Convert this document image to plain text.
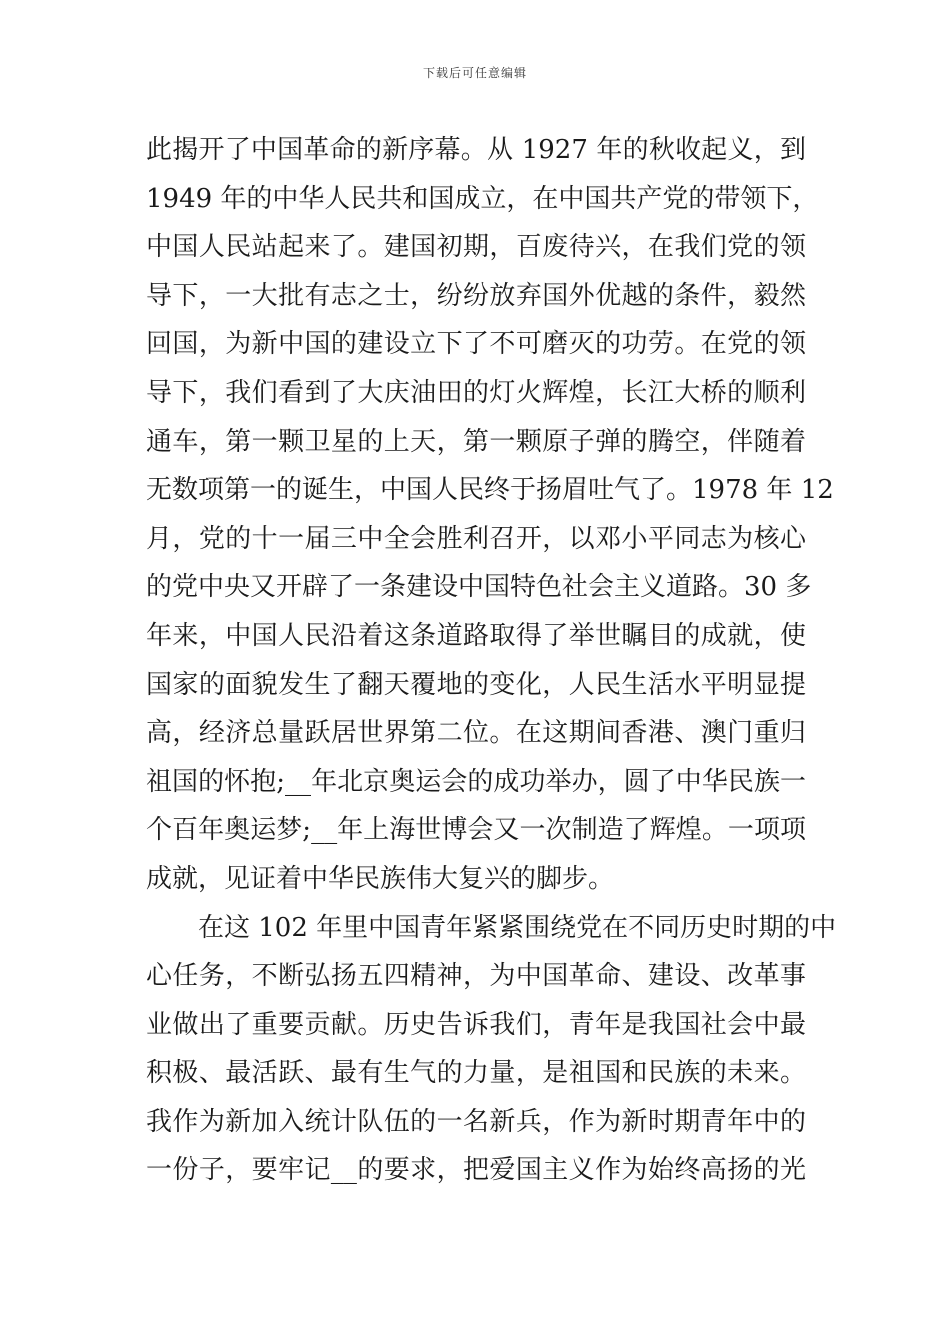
下载后可任意编辑
此揭开了中国革命的新序幕。从 1927 年的秋收起义，到
1949 年的中华人民共和国成立，在中国共产党的带领下，
中国人民站起来了。建国初期，百废待兴，在我们党的领
导下，一大批有志之士，纷纷放弃国外优越的条件，毅然
回国，为新中国的建设立下了不可磨灭的功劳。在党的领
导下，我们看到了大庆油田的灯火辉煌，长江大桥的顺利
通车，第一颗卫星的上天，第一颗原子弹的腾空，伴随着
无数项第一的诞生，中国人民终于扬眉吐气了。1978 年 12
月，党的十一届三中全会胜利召开，以邓小平同志为核心
的党中央又开辟了一条建设中国特色社会主义道路。30 多
年来，中国人民沿着这条道路取得了举世瞩目的成就，使
国家的面貌发生了翻天覆地的变化，人民生活水平明显提
高，经济总量跃居世界第二位。在这期间香港、澳门重归
祖国的怀抱;__年北京奥运会的成功举办，圆了中华民族一
个百年奥运梦;__年上海世博会又一次制造了辉煌。一项项
成就，见证着中华民族伟大复兴的脚步。
在这 102 年里中国青年紧紧围绕党在不同历史时期的中
心任务，不断弘扬五四精神，为中国革命、建设、改革事
业做出了重要贡献。历史告诉我们，青年是我国社会中最
积极、最活跃、最有生气的力量，是祖国和民族的未来。
我作为新加入统计队伍的一名新兵，作为新时期青年中的
一份子，要牢记__的要求，把爱国主义作为始终高扬的光
